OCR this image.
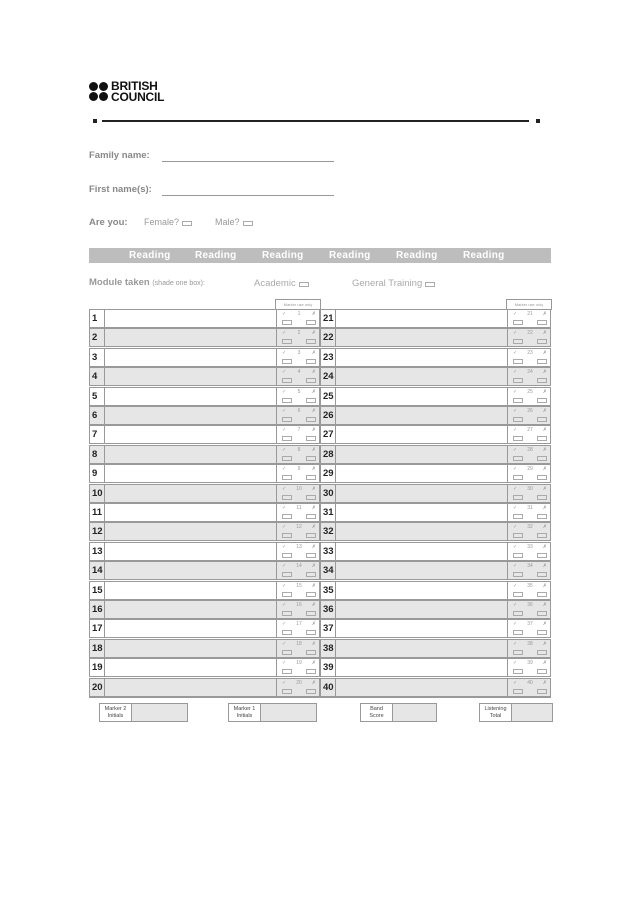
BRITISH
COUNCIL
Family name:
First name(s):
Are you: Female?	Male?
Reading Reading	Reading	Reading	Reading	Reading
Module taken (shade one box):	Academic	General Training
Marker use only	Marker use only
1	✓ 1 ✗ 21	✓ 21 ✗
2	✓ 2 ✗ 22	✓ 22 ✗
3	✓ 3 ✗ 23	✓ 23 ✗
4	✓ 4 ✗ 24	✓ 24 ✗
5	✓ 5 ✗ 25	✓ 25 ✗
6	✓ 6 ✗ 26	✓ 26 ✗
7	✓ 7 ✗ 27	✓ 27 ✗
8	✓ 8 ✗ 28	✓ 28 ✗
9	✓ 9 ✗ 29	✓ 29 ✗
10	✓ 10 ✗ 30	✓ 30 ✗
11	✓ 11 ✗ 31	✓ 31 ✗
12	✓ 12 ✗ 32	✓ 32 ✗
13	✓ 13 ✗ 33	✓ 33 ✗
14	✓ 14 ✗ 34	✓ 34 ✗
15	✓ 15 ✗ 35	✓ 35 ✗
16	✓ 16 ✗ 36	✓ 36 ✗
17	✓ 17 ✗ 37	✓ 37 ✗
18	✓ 18 ✗ 38	✓ 38 ✗
19	✓ 19 ✗ 39	✓ 39 ✗
20	✓ 20 ✗ 40	✓ 40 ✗
Marker 2
Initials
Marker 1
Initials
Band
Score
Listening
Total
